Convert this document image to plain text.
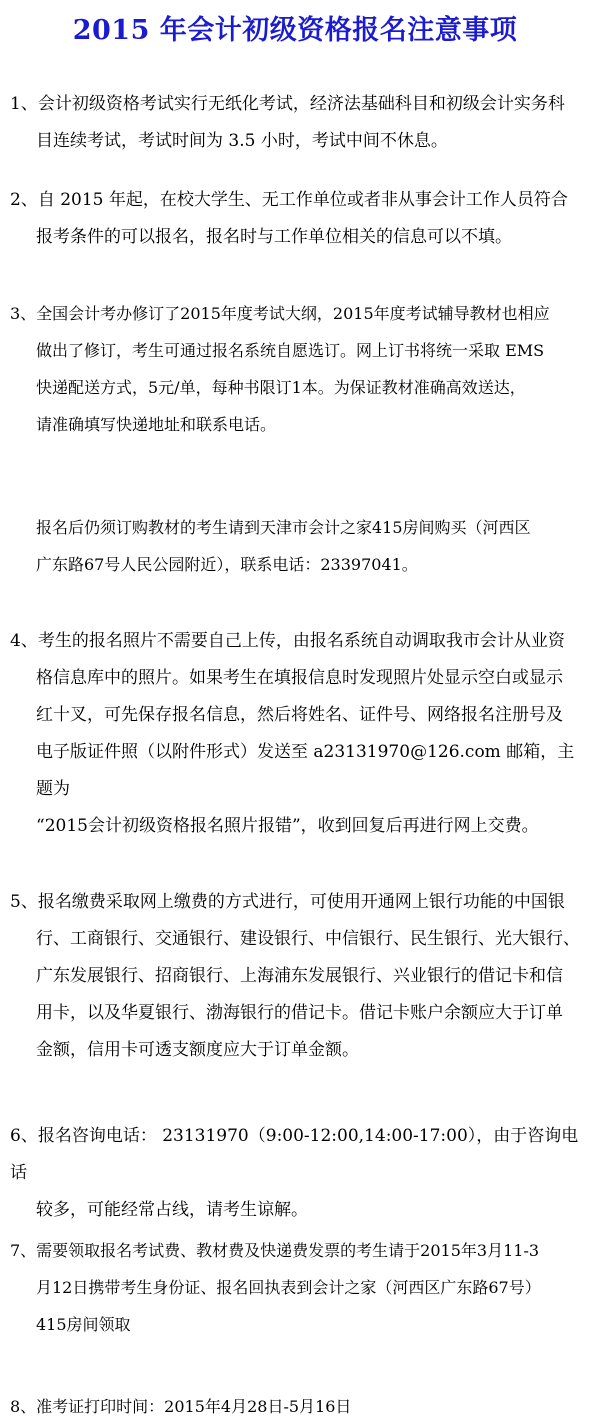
2015 年会计初级资格报名注意事项
1、会计初级资格考试实行无纸化考试，经济法基础科目和初级会计实务科
目连续考试，考试时间为 3.5 小时，考试中间不休息。
2、自 2015 年起，在校大学生、无工作单位或者非从事会计工作人员符合
报考条件的可以报名，报名时与工作单位相关的信息可以不填。
3、全国会计考办修订了2015年度考试大纲，2015年度考试辅导教材也相应
做出了修订，考生可通过报名系统自愿选订。网上订书将统一采取 EMS
快递配送方式，5元/单，每种书限订1本。为保证教材准确高效送达，
请准确填写快递地址和联系电话。
报名后仍须订购教材的考生请到天津市会计之家415房间购买（河西区
广东路67号人民公园附近），联系电话：23397041。
4、考生的报名照片不需要自己上传，由报名系统自动调取我市会计从业资
格信息库中的照片。如果考生在填报信息时发现照片处显示空白或显示
红十叉，可先保存报名信息，然后将姓名、证件号、网络报名注册号及
电子版证件照（以附件形式）发送至 a23131970@126.com 邮箱，主题为
“2015会计初级资格报名照片报错”，收到回复后再进行网上交费。
5、报名缴费采取网上缴费的方式进行，可使用开通网上银行功能的中国银
行、工商银行、交通银行、建设银行、中信银行、民生银行、光大银行、
广东发展银行、招商银行、上海浦东发展银行、兴业银行的借记卡和信
用卡，以及华夏银行、渤海银行的借记卡。借记卡账户余额应大于订单
金额，信用卡可透支额度应大于订单金额。
6、报名咨询电话： 23131970（9:00-12:00,14:00-17:00），由于咨询电话
较多，可能经常占线，请考生谅解。
7、需要领取报名考试费、教材费及快递费发票的考生请于2015年3月11-3
月12日携带考生身份证、报名回执表到会计之家（河西区广东路67号）
415房间领取
8、准考证打印时间：2015年4月28日-5月16日
